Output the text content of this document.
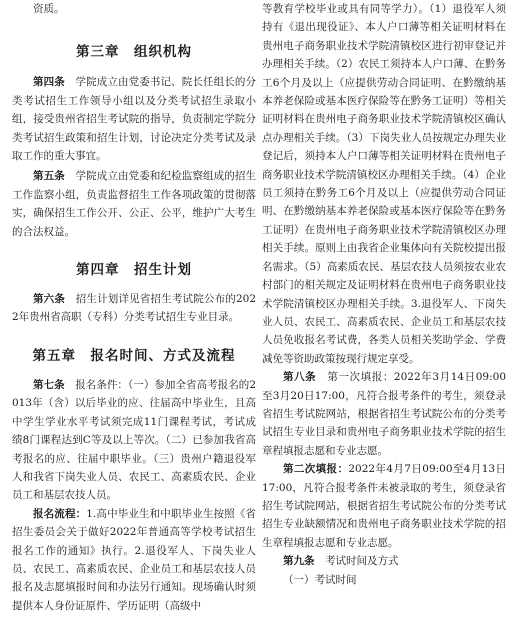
资质。

第三章　组织机构

第四条　 学院成立由党委书记、院长任组长的分类考试招生工作领导小组以及分类考试招生录取小组，接受贵州省招生考试院的指导，负责制定学院分类考试招生政策和招生计划，讨论决定分类考试及录取工作的重大事宜。

第五条　 学院成立由党委和纪检监察组成的招生工作监察小组，负责监督招生工作各项政策的贯彻落实，确保招生工作公开、公正、公平，维护广大考生的合法权益。

第四章　招生计划

第六条　 招生计划详见省招生考试院公布的2022年贵州省高职（专科）分类考试招生专业目录。

第五章　报名时间、方式及流程

第七条　 报名条件：（一）参加全省高考报名的2013年（含）以后毕业的应、往届高中毕业生，且高中学生学业水平考试须完成11门课程考试，考试成绩8门课程达到C等及以上等次。（二）已参加我省高考报名的应、往届中职毕业。（三）贵州户籍退役军人和我省下岗失业人员、农民工、高素质农民、企业员工和基层农技人员。

报名流程：1.高中毕业生和中职毕业生按照《省招生委员会关于做好2022年普通高等学校考试招生报名工作的通知》执行。2.退役军人、下岗失业人员、农民工、高素质农民、企业员工和基层农技人员报名及志愿填报时间和办法另行通知。现场确认时须提供本人身份证原件、学历证明（高级中

等教育学校毕业或具有同等学力）。（1）退役军人须持有《退出现役证》、本人户口薄等相关证明材料在贵州电子商务职业技术学院清镇校区进行初审登记并办理相关手续。（2）农民工须持本人户口薄、在黔务工6个月及以上（应提供劳动合同证明、在黔缴纳基本养老保险或基本医疗保险等在黔务工证明）等相关证明材料在贵州电子商务职业技术学院清镇校区确认点办理相关手续。（3）下岗失业人员按规定办理失业登记后，须持本人户口薄等相关证明材料在贵州电子商务职业技术学院清镇校区办理相关手续。（4）企业员工须持在黔务工6个月及以上（应提供劳动合同证明、在黔缴纳基本养老保险或基本医疗保险等在黔务工证明）在贵州电子商务职业技术学院清镇校区办理相关手续。原则上由我省企业集体向有关院校提出报名需求。（5）高素质农民、基层农技人员须按农业农村部门的相关规定及证明材料在贵州电子商务职业技术学院清镇校区办理相关手续。3.退役军人、下岗失业人员、农民工、高素质农民、企业员工和基层农技人员免收报名考试费，各类人员相关奖助学金、学费减免等资助政策按现行规定享受。

第八条　 第一次填报：2022年3月14日09:00至3月20日17:00，凡符合报考条件的考生，须登录省招生考试院网站，根据省招生考试院公布的分类考试招生专业目录和贵州电子商务职业技术学院的招生章程填报志愿和专业志愿。

第二次填报：2022年4月7日09:00至4月13日17:00，凡符合报考条件未被录取的考生，须登录省招生考试院网站，根据省招生考试院公布的分类考试招生专业缺额情况和贵州电子商务职业技术学院的招生章程填报志愿和专业志愿。

第九条　 考试时间及方式

（一）考试时间
